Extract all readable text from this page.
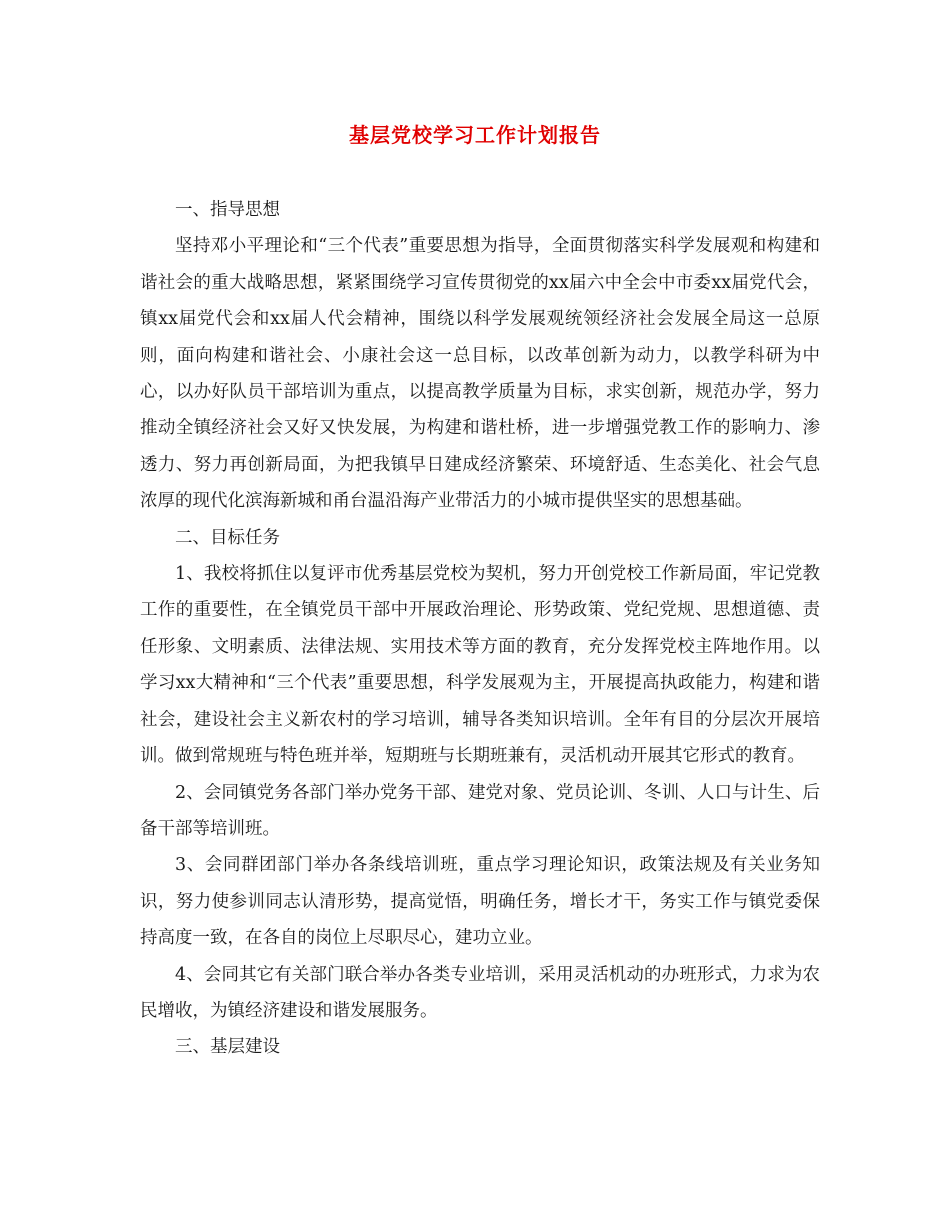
基层党校学习工作计划报告

一、指导思想

坚持邓小平理论和“三个代表”重要思想为指导，全面贯彻落实科学发展观和构建和谐社会的重大战略思想，紧紧围绕学习宣传贯彻党的xx届六中全会中市委xx届党代会，镇xx届党代会和xx届人代会精神，围绕以科学发展观统领经济社会发展全局这一总原则，面向构建和谐社会、小康社会这一总目标，以改革创新为动力，以教学科研为中心，以办好队员干部培训为重点，以提高教学质量为目标，求实创新，规范办学，努力推动全镇经济社会又好又快发展，为构建和谐杜桥，进一步增强党教工作的影响力、渗透力、努力再创新局面，为把我镇早日建成经济繁荣、环境舒适、生态美化、社会气息浓厚的现代化滨海新城和甬台温沿海产业带活力的小城市提供坚实的思想基础。

二、目标任务

1、我校将抓住以复评市优秀基层党校为契机，努力开创党校工作新局面，牢记党教工作的重要性，在全镇党员干部中开展政治理论、形势政策、党纪党规、思想道德、责任形象、文明素质、法律法规、实用技术等方面的教育，充分发挥党校主阵地作用。以学习xx大精神和“三个代表”重要思想，科学发展观为主，开展提高执政能力，构建和谐社会，建设社会主义新农村的学习培训，辅导各类知识培训。全年有目的分层次开展培训。做到常规班与特色班并举，短期班与长期班兼有，灵活机动开展其它形式的教育。

2、会同镇党务各部门举办党务干部、建党对象、党员论训、冬训、人口与计生、后备干部等培训班。

3、会同群团部门举办各条线培训班，重点学习理论知识，政策法规及有关业务知识，努力使参训同志认清形势，提高觉悟，明确任务，增长才干，务实工作与镇党委保持高度一致，在各自的岗位上尽职尽心，建功立业。

4、会同其它有关部门联合举办各类专业培训，采用灵活机动的办班形式，力求为农民增收，为镇经济建设和谐发展服务。

三、基层建设
